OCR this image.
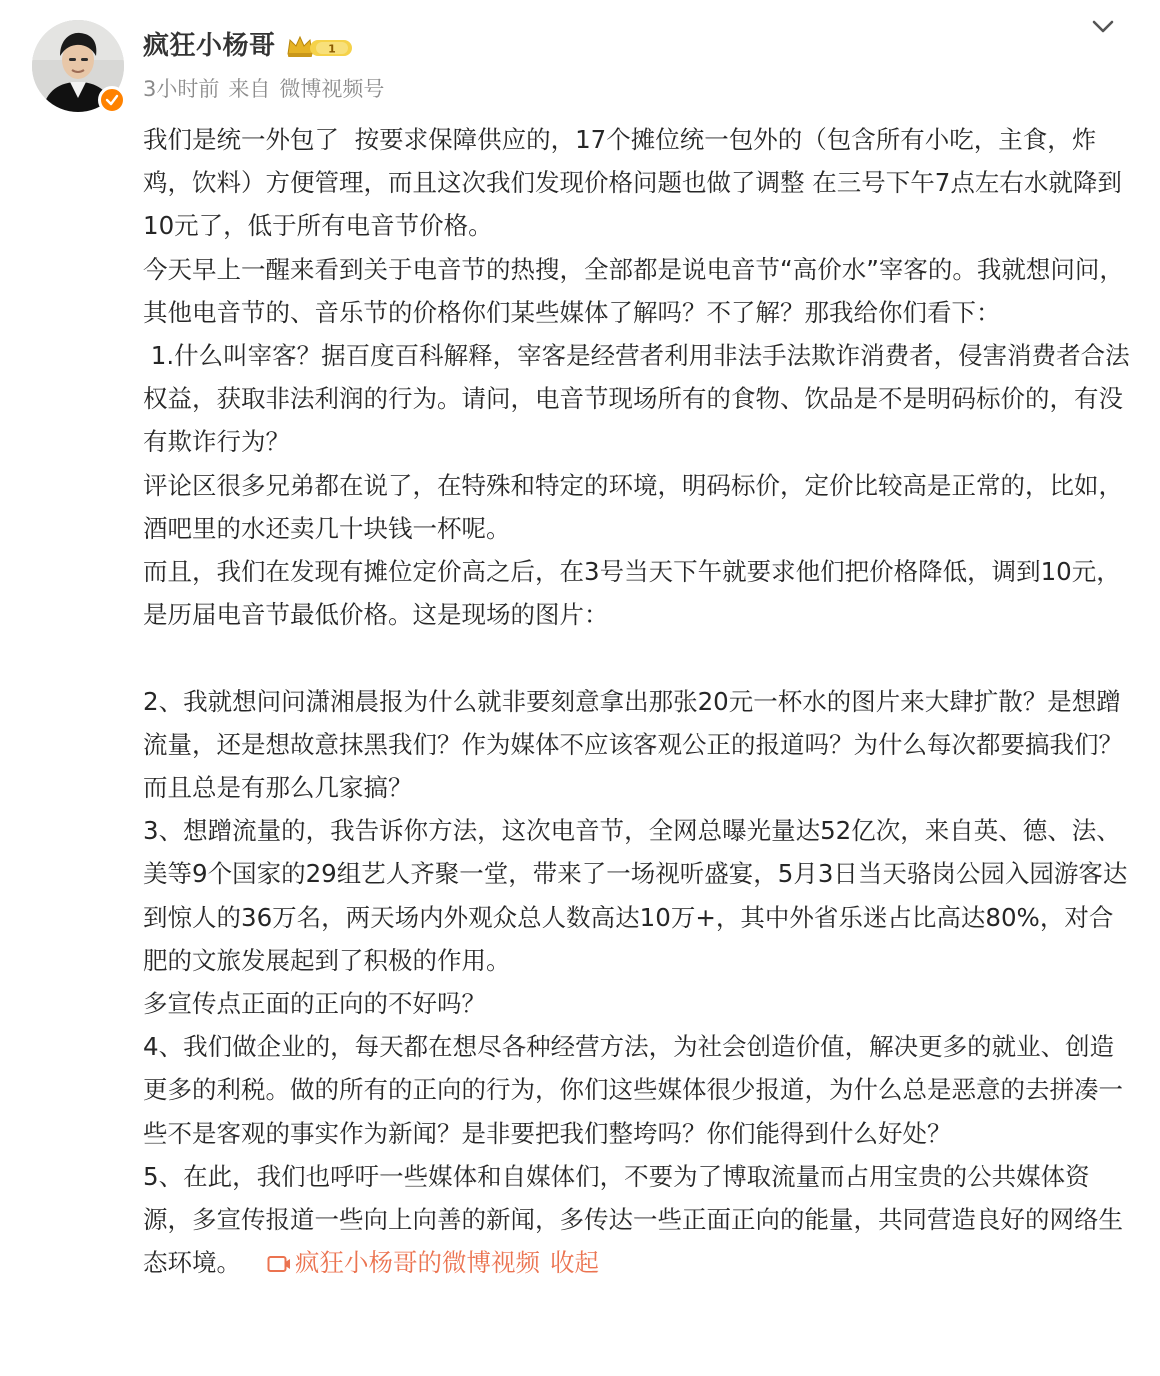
疯狂小杨哥	1
3小时前 来自 微博视频号

我们是统一外包了  按要求保障供应的，17个摊位统一包外的（包含所有小吃，主食，炸鸡，饮料）方便管理，而且这次我们发现价格问题也做了调整 在三号下午7点左右水就降到10元了，低于所有电音节价格。

今天早上一醒来看到关于电音节的热搜，全部都是说电音节“高价水”宰客的。我就想问问，其他电音节的、音乐节的价格你们某些媒体了解吗？不了解？那我给你们看下：

1.什么叫宰客？据百度百科解释，宰客是经营者利用非法手法欺诈消费者，侵害消费者合法权益，获取非法利润的行为。请问，电音节现场所有的食物、饮品是不是明码标价的，有没有欺诈行为？

评论区很多兄弟都在说了，在特殊和特定的环境，明码标价，定价比较高是正常的，比如，酒吧里的水还卖几十块钱一杯呢。

而且，我们在发现有摊位定价高之后，在3号当天下午就要求他们把价格降低，调到10元，是历届电音节最低价格。这是现场的图片：

2、我就想问问潇湘晨报为什么就非要刻意拿出那张20元一杯水的图片来大肆扩散？是想蹭流量，还是想故意抹黑我们？作为媒体不应该客观公正的报道吗？为什么每次都要搞我们？而且总是有那么几家搞？

3、想蹭流量的，我告诉你方法，这次电音节，全网总曝光量达52亿次，来自英、德、法、美等9个国家的29组艺人齐聚一堂，带来了一场视听盛宴，5月3日当天骆岗公园入园游客达到惊人的36万名，两天场内外观众总人数高达10万+，其中外省乐迷占比高达80%，对合肥的文旅发展起到了积极的作用。

多宣传点正面的正向的不好吗？

4、我们做企业的，每天都在想尽各种经营方法，为社会创造价值，解决更多的就业、创造更多的利税。做的所有的正向的行为，你们这些媒体很少报道，为什么总是恶意的去拼凑一些不是客观的事实作为新闻？是非要把我们整垮吗？你们能得到什么好处？

5、在此，我们也呼吁一些媒体和自媒体们，不要为了博取流量而占用宝贵的公共媒体资源，多宣传报道一些向上向善的新闻，多传达一些正面正向的能量，共同营造良好的网络生态环境。 疯狂小杨哥的微博视频 收起
